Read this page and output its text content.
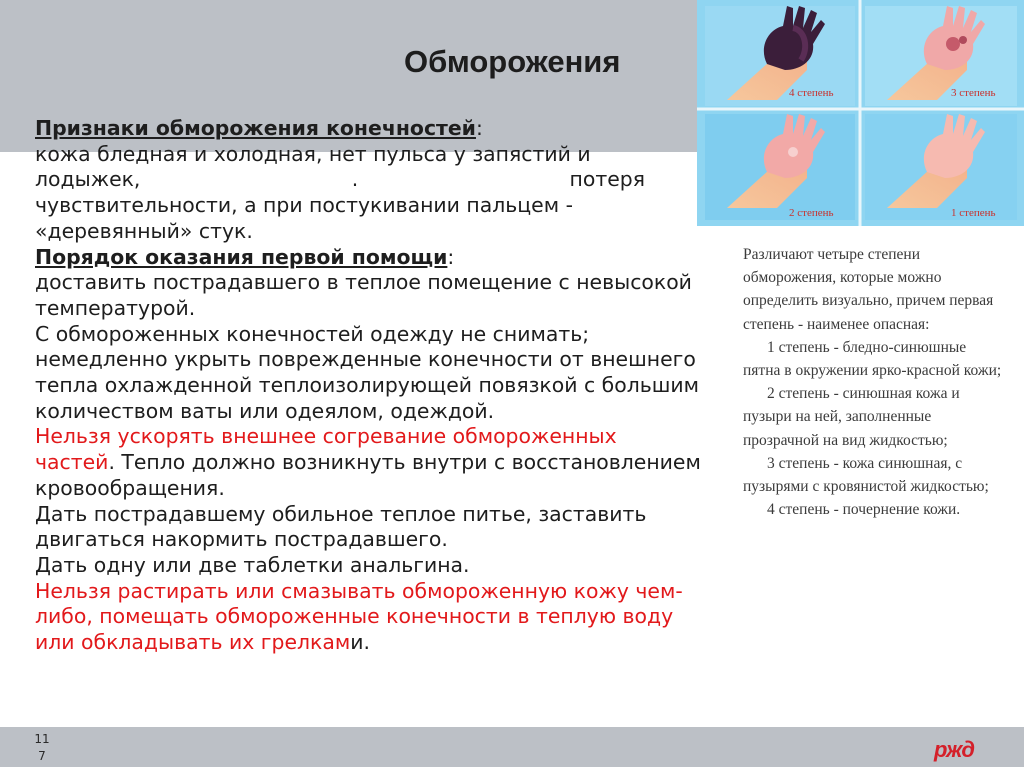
Обморожения

Признаки обморожения конечностей:

кожа бледная и холодная, нет пульса у запястий и

лодыжек,	.	потеря

чувствительности, а при постукивании пальцем -

«деревянный» стук.

Порядок оказания первой помощи:

доставить пострадавшего в теплое помещение с невысокой температурой.

С обмороженных конечностей одежду не снимать; немедленно укрыть поврежденные конечности от внешнего тепла охлажденной теплоизолирующей повязкой с большим количеством ваты или одеялом, одеждой.

Нельзя ускорять внешнее согревание обмороженных частей. Тепло должно возникнуть внутри с восстановлением кровообращения.

Дать пострадавшему обильное теплое питье, заставить двигаться накормить пострадавшего.

Дать одну или две таблетки анальгина.

Нельзя растирать или смазывать обмороженную кожу чем-либо, помещать обмороженные конечности в теплую воду или обкладывать их грелками.

4 степень	3 степень
2 степень	1 степень

Различают четыре степени обморожения, которые можно определить визуально, причем первая степень - наименее опасная:

1 степень - бледно-синюшные пятна в окружении ярко-красной кожи;

2 степень - синюшная кожа и пузыри на ней, заполненные прозрачной на вид жидкостью;

3 степень - кожа синюшная, с пузырями с кровянистой жидкостью;

4 степень - почернение кожи.

11
7	ржд
